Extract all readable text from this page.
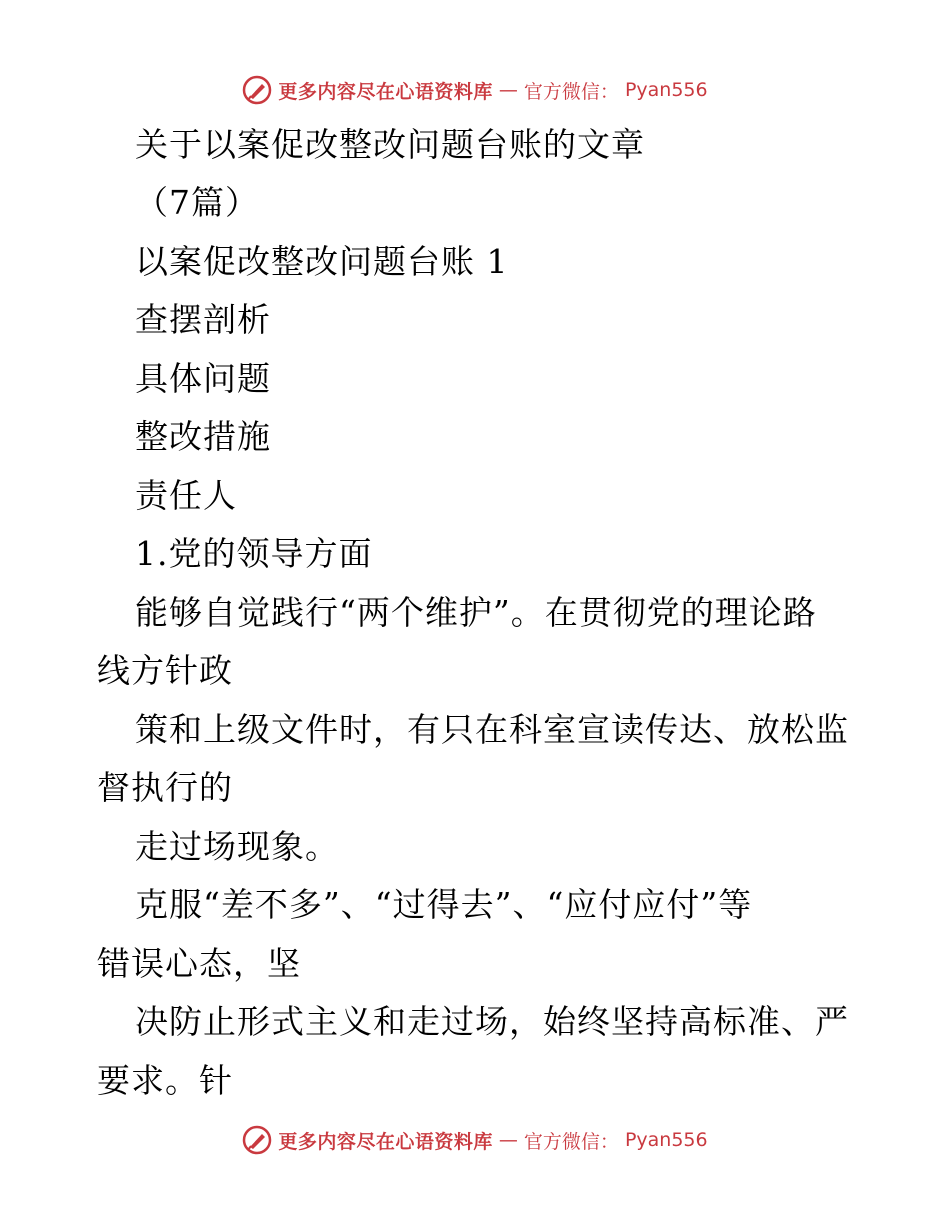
更多内容尽在心语资料库 — 官方微信： Pyan556
关于以案促改整改问题台账的文章
（7篇）
以案促改整改问题台账 1
查摆剖析
具体问题
整改措施
责任人
1.党的领导方面
能够自觉践行“两个维护”。在贯彻党的理论路
线方针政
策和上级文件时，有只在科室宣读传达、放松监
督执行的
走过场现象。
克服“差不多”、“过得去”、“应付应付”等
错误心态，坚
决防止形式主义和走过场，始终坚持高标准、严
要求。针
更多内容尽在心语资料库 — 官方微信： Pyan556
